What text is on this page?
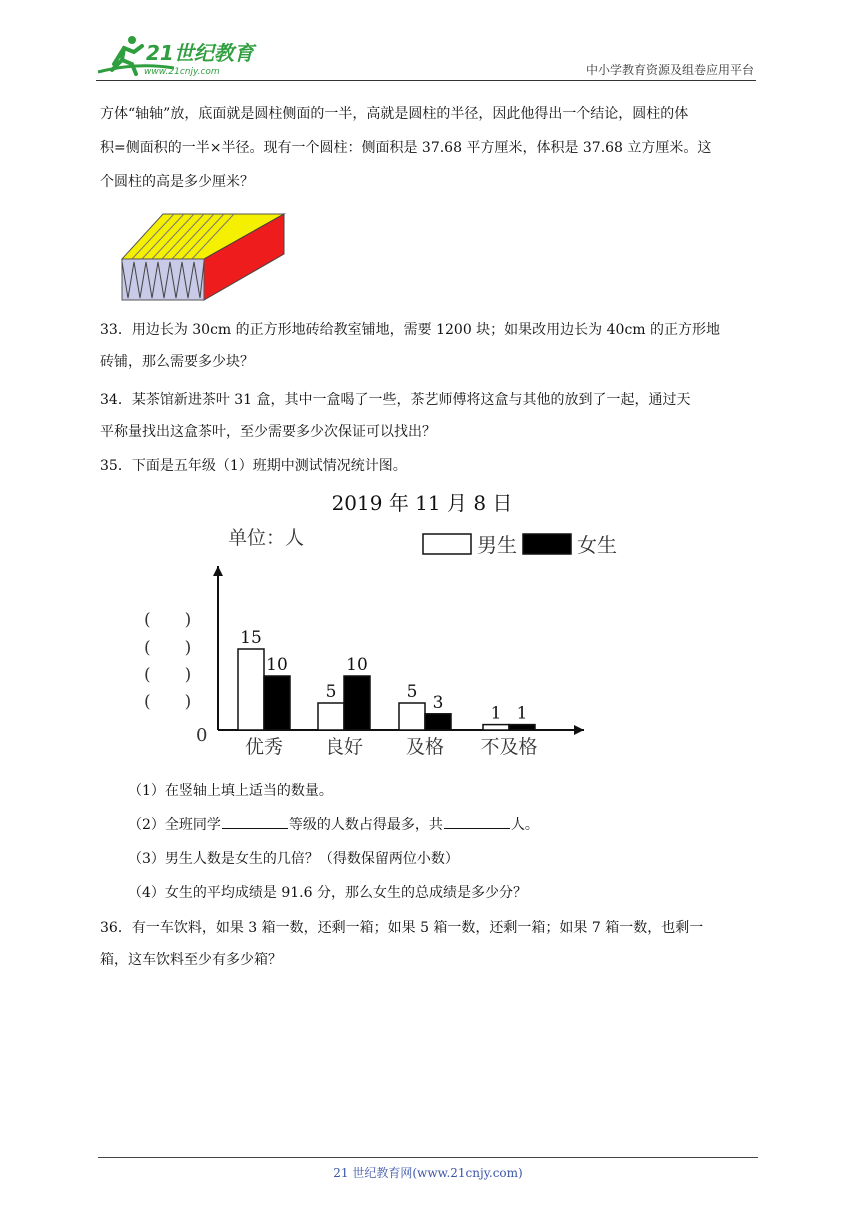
21世纪教育
www.21cnjy.com	中小学教育资源及组卷应用平台
方体“轴轴”放，底面就是圆柱侧面的一半，高就是圆柱的半径，因此他得出一个结论，圆柱的体
积=侧面积的一半×半径。现有一个圆柱：侧面积是 37.68 平方厘米，体积是 37.68 立方厘米。这
个圆柱的高是多少厘米？
33．用边长为 30cm 的正方形地砖给教室铺地，需要 1200 块；如果改用边长为 40cm 的正方形地
砖铺，那么需要多少块？
34．某茶馆新进茶叶 31 盒，其中一盒喝了一些，茶艺师傅将这盒与其他的放到了一起，通过天
平称量找出这盒茶叶，至少需要多少次保证可以找出？
35．下面是五年级（1）班期中测试情况统计图。
2019 年 11 月 8 日
单位：人	男生	女生
0
(　　)
(　　)
(　　)
(　　)
15
10
5
10
5
3
1 1
优秀 良好 及格 不及格
（1）在竖轴上填上适当的数量。
（2）全班同学	等级的人数占得最多，共	人。
（3）男生人数是女生的几倍？（得数保留两位小数）
（4）女生的平均成绩是 91.6 分，那么女生的总成绩是多少分？
36．有一车饮料，如果 3 箱一数，还剩一箱；如果 5 箱一数，还剩一箱；如果 7 箱一数，也剩一
箱，这车饮料至少有多少箱？
21 世纪教育网(www.21cnjy.com)
